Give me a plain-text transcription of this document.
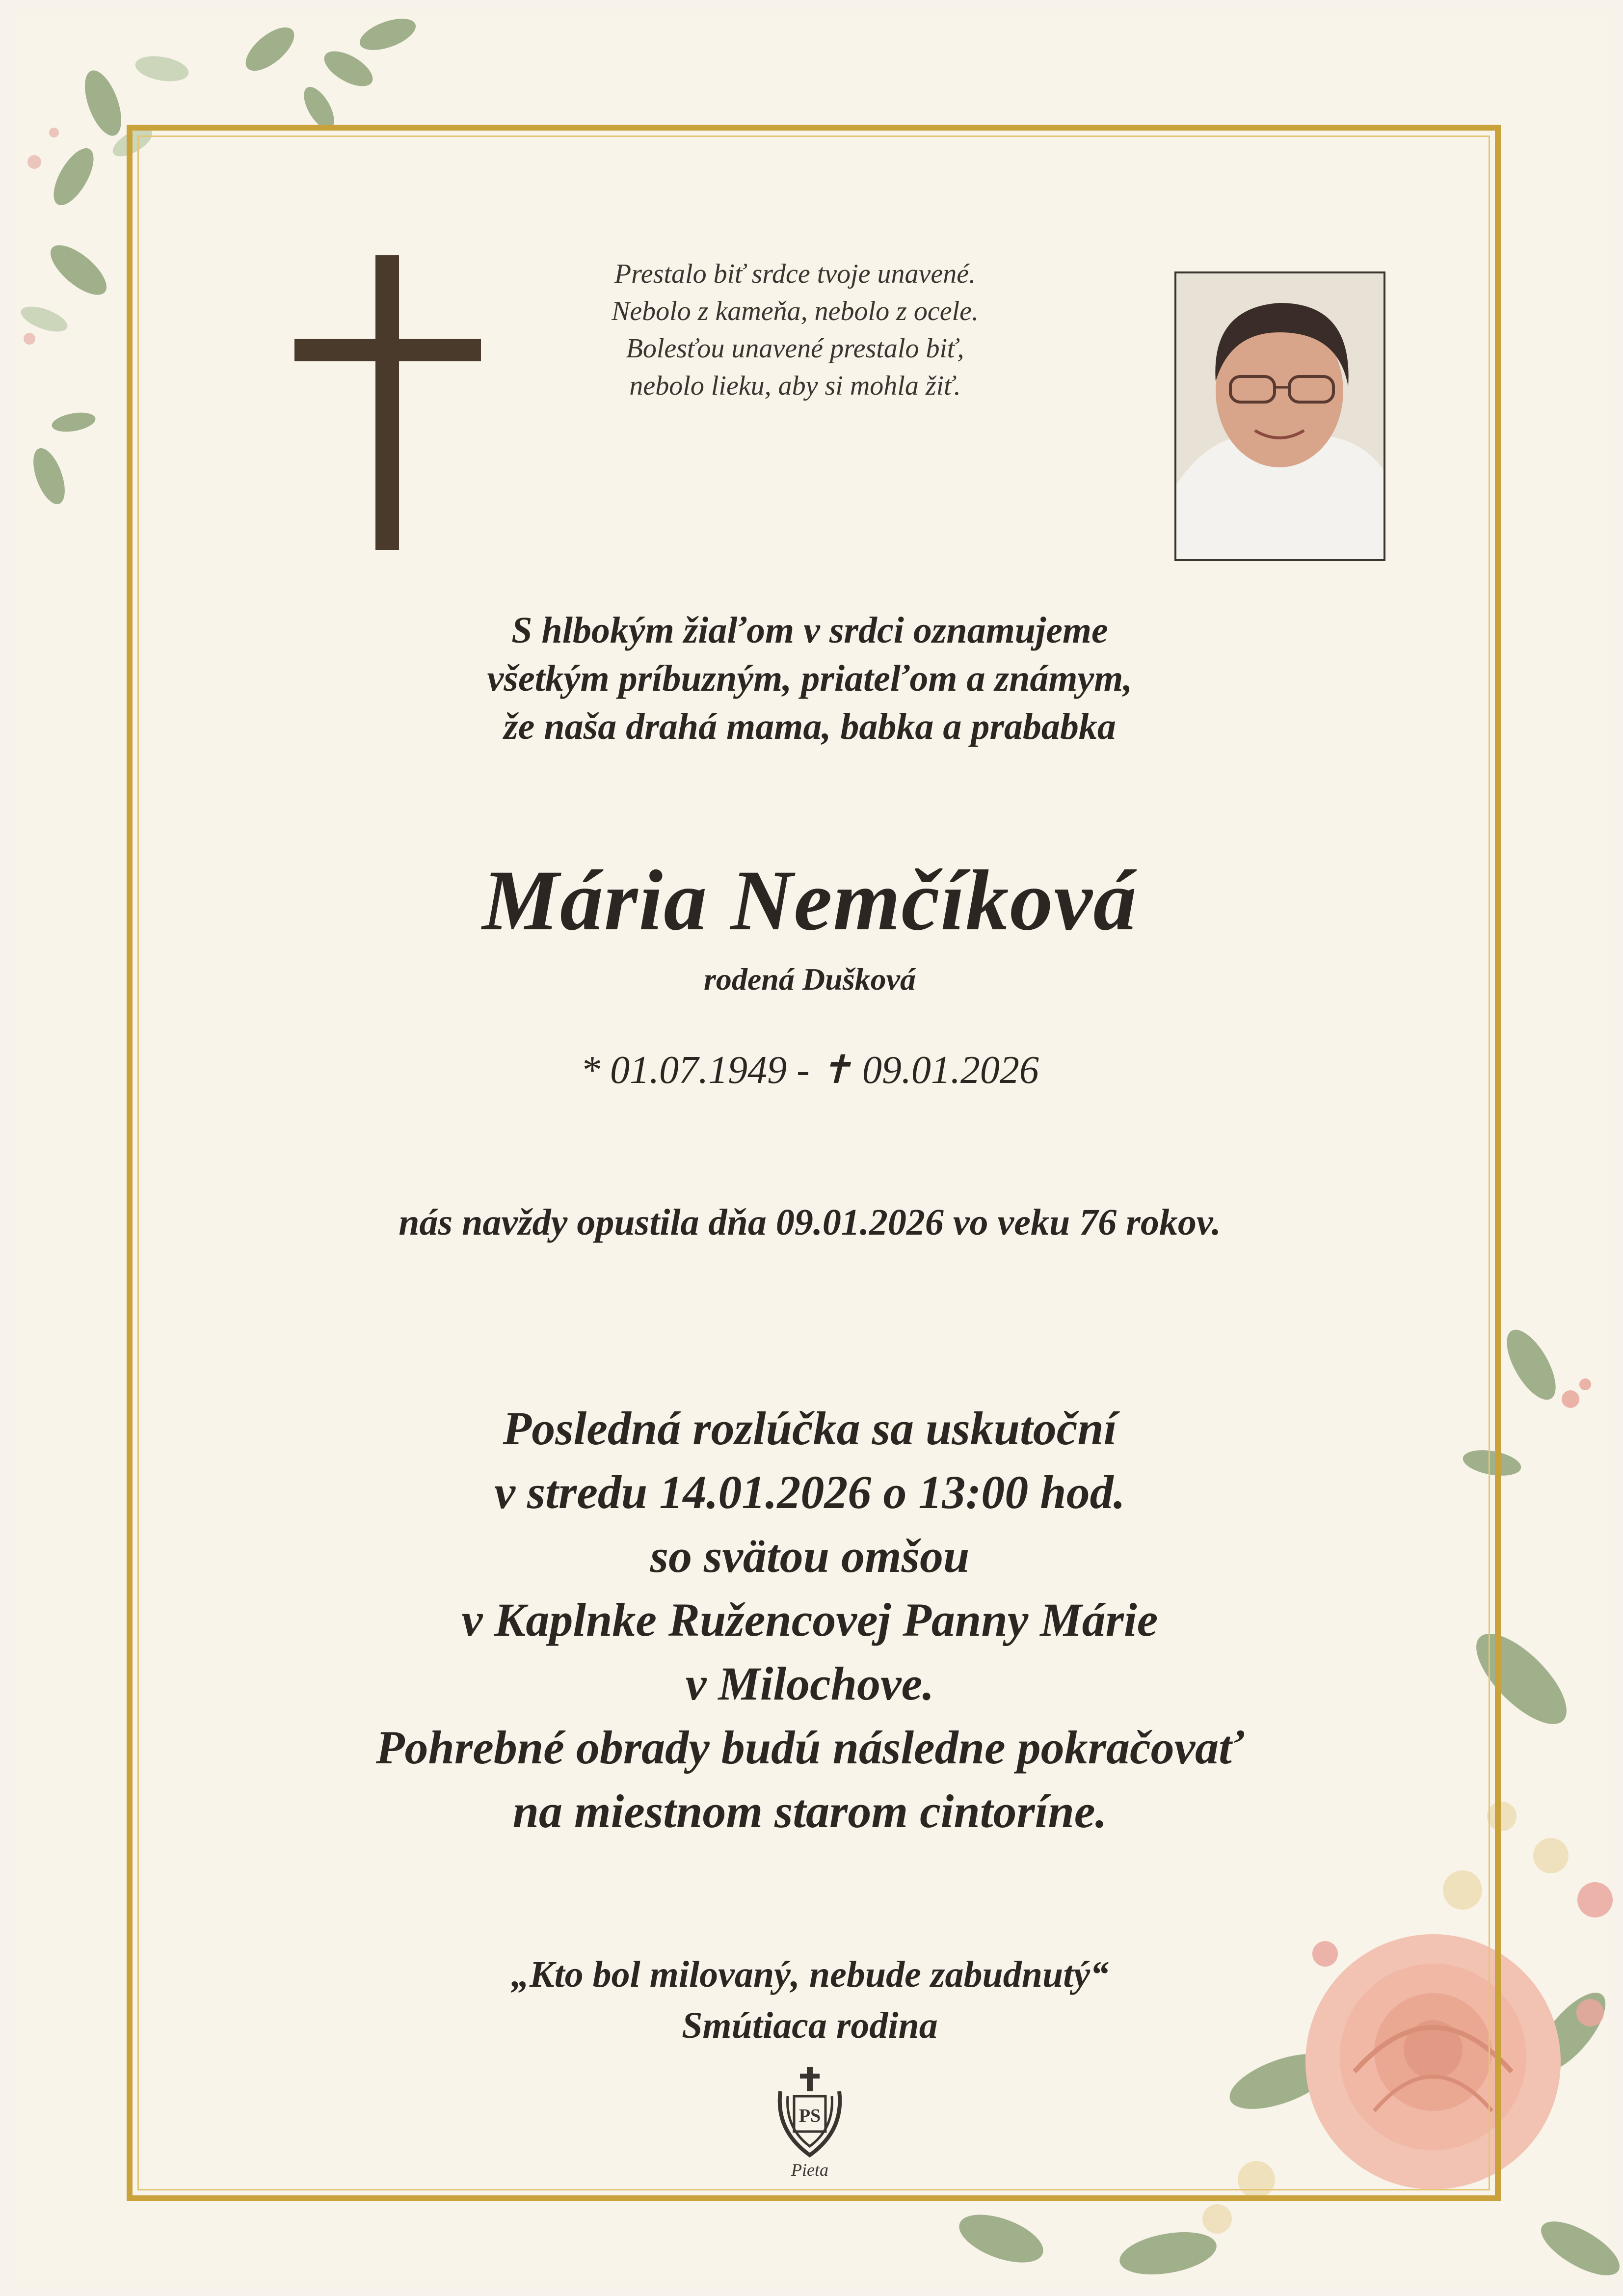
Prestalo biť srdce tvoje unavené.
Nebolo z kameňa, nebolo z ocele.
Bolesťou unavené prestalo biť,
nebolo lieku, aby si mohla žiť.
S hlbokým žiaľom v srdci oznamujeme
všetkým príbuzným, priateľom a známym,
že naša drahá mama, babka a prababka
Mária Nemčíková
rodená Dušková
* 01.07.1949 - ✝ 09.01.2026
nás navždy opustila dňa 09.01.2026 vo veku 76 rokov.
Posledná rozlúčka sa uskutoční
v stredu 14.01.2026 o 13:00 hod.
so svätou omšou
v Kaplnke Ružencovej Panny Márie
v Milochove.
Pohrebné obrady budú následne pokračovať
na miestnom starom cintoríne.
„Kto bol milovaný, nebude zabudnutý“
Smútiaca rodina
PS
Pieta
